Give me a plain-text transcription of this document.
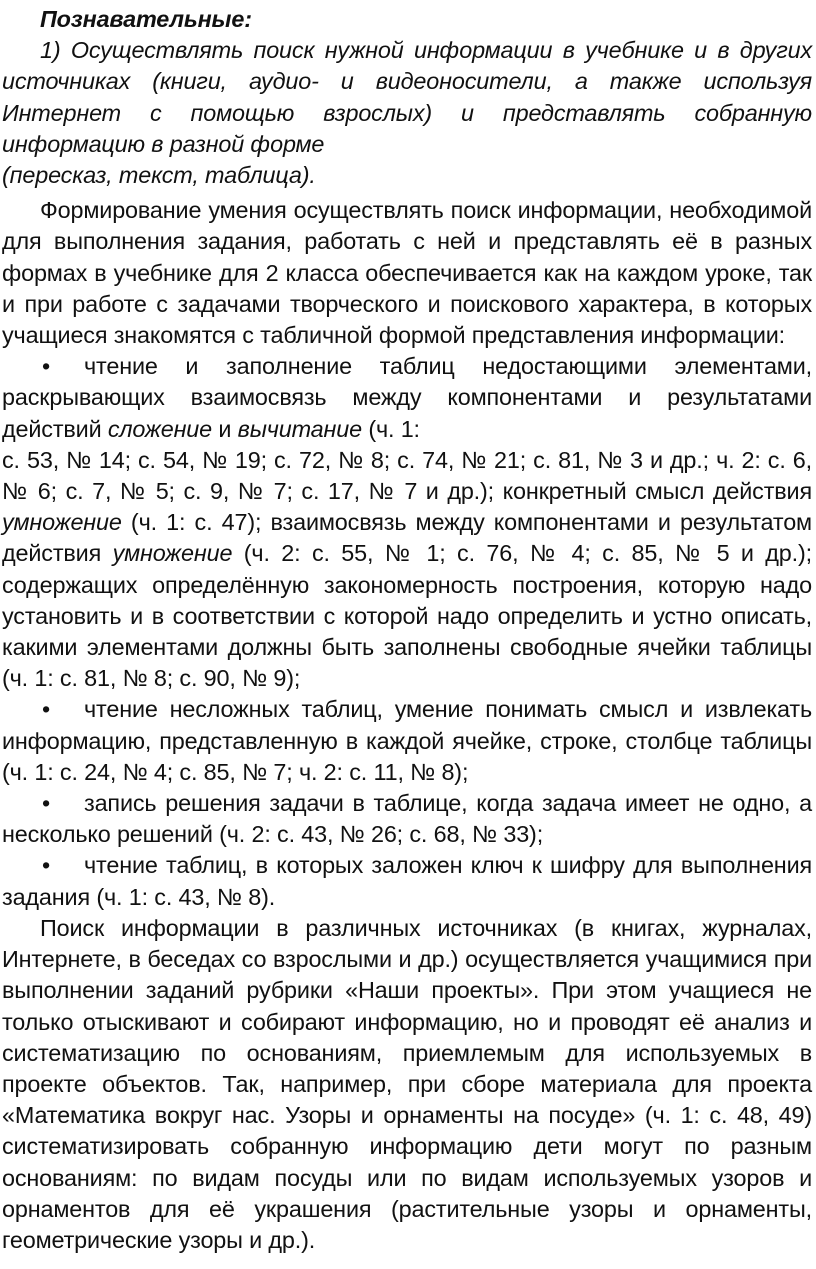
Познавательные:

1) Осуществлять поиск нужной информации в учебнике и в других источниках (книги, аудио- и видеоносители, а также используя Интернет с помощью взрослых) и представлять собранную информацию в разной форме

(пересказ, текст, таблица).

Формирование умения осуществлять поиск информации, необходимой для выполнения задания, работать с ней и представлять её в разных формах в учебнике для 2 класса обеспечивается как на каждом уроке, так и при работе с задачами творческого и поискового характера, в которых учащиеся знакомятся с табличной формой представления информации:

• чтение и заполнение таблиц недостающими элементами, раскрывающих взаимосвязь между компонентами и результатами действий сложение и вычитание (ч. 1:

с. 53, № 14; с. 54, № 19; с. 72, № 8; с. 74, № 21; с. 81, № 3 и др.; ч. 2: с. 6, № 6; с. 7, № 5; с. 9, № 7; с. 17, № 7 и др.); конкретный смысл действия умножение (ч. 1: с. 47); взаимосвязь между компонентами и результатом действия умножение (ч. 2: с. 55, № 1; с. 76, № 4; с. 85, № 5 и др.); содержащих определённую закономерность построения, которую надо установить и в соответствии с которой надо определить и устно описать, какими элементами должны быть заполнены свободные ячейки таблицы (ч. 1: с. 81, № 8; с. 90, № 9);

• чтение несложных таблиц, умение понимать смысл и извлекать информацию, представленную в каждой ячейке, строке, столбце таблицы (ч. 1: с. 24, № 4; с. 85, № 7; ч. 2: с. 11, № 8);

• запись решения задачи в таблице, когда задача имеет не одно, а несколько решений (ч. 2: с. 43, № 26; с. 68, № 33);

• чтение таблиц, в которых заложен ключ к шифру для выполнения задания (ч. 1: с. 43, № 8).

Поиск информации в различных источниках (в книгах, журналах, Интернете, в беседах со взрослыми и др.) осуществляется учащимися при выполнении заданий рубрики «Наши проекты». При этом учащиеся не только отыскивают и собирают информацию, но и проводят её анализ и систематизацию по основаниям, приемлемым для используемых в проекте объектов. Так, например, при сборе материала для проекта «Математика вокруг нас. Узоры и орнаменты на посуде» (ч. 1: с. 48, 49) систематизировать собранную информацию дети могут по разным основаниям: по видам посуды или по видам используемых узоров и орнаментов для её украшения (растительные узоры и орнаменты, геометрические узоры и др.).
